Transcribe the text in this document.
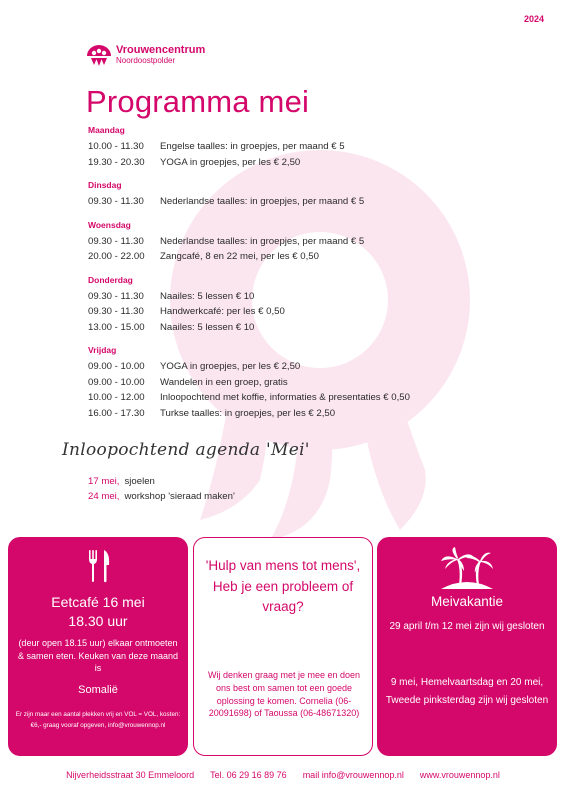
2024
Vrouwencentrum
Noordoostpolder
Programma mei
Maandag
10.00 - 11.30	Engelse taalles: in groepjes, per maand € 5
19.30 - 20.30	YOGA in groepjes, per les € 2,50
Dinsdag
09.30 - 11.30	Nederlandse taalles: in groepjes, per maand € 5
Woensdag
09.30 - 11.30	Nederlandse taalles: in groepjes, per maand € 5
20.00 - 22.00	Zangcafé, 8 en 22 mei, per les € 0,50
Donderdag
09.30 - 11.30	Naailes: 5 lessen € 10
09.30 - 11.30	Handwerkcafé: per les € 0,50
13.00 - 15.00	Naailes: 5 lessen € 10
Vrijdag
09.00 - 10.00	YOGA in groepjes, per les € 2,50
09.00 - 10.00	Wandelen in een groep, gratis
10.00 - 12.00	Inloopochtend met koffie, informaties & presentaties € 0,50
16.00 - 17.30	Turkse taalles: in groepjes, per les € 2,50
Inloopochtend agenda 'Mei'
17 mei, sjoelen
24 mei, workshop 'sieraad maken'
Eetcafé 16 mei
18.30 uur
(deur open 18.15 uur) elkaar ontmoeten & samen eten. Keuken van deze maand is
Somalië
Er zijn maar een aantal plekken vrij en VOL = VOL, kosten: €6,- graag vooraf opgeven, info@vrouwennop.nl
'Hulp van mens tot mens', Heb je een probleem of vraag?
Wij denken graag met je mee en doen ons best om samen tot een goede oplossing te komen. Cornelia (06-20091698) of Taoussa (06-48671320)
Meivakantie
29 april t/m 12 mei zijn wij gesloten
9 mei, Hemelvaartsdag en 20 mei, Tweede pinksterdag zijn wij gesloten
Nijverheidsstraat 30 Emmeloord Tel. 06 29 16 89 76 mail info@vrouwennop.nl www.vrouwennop.nl
